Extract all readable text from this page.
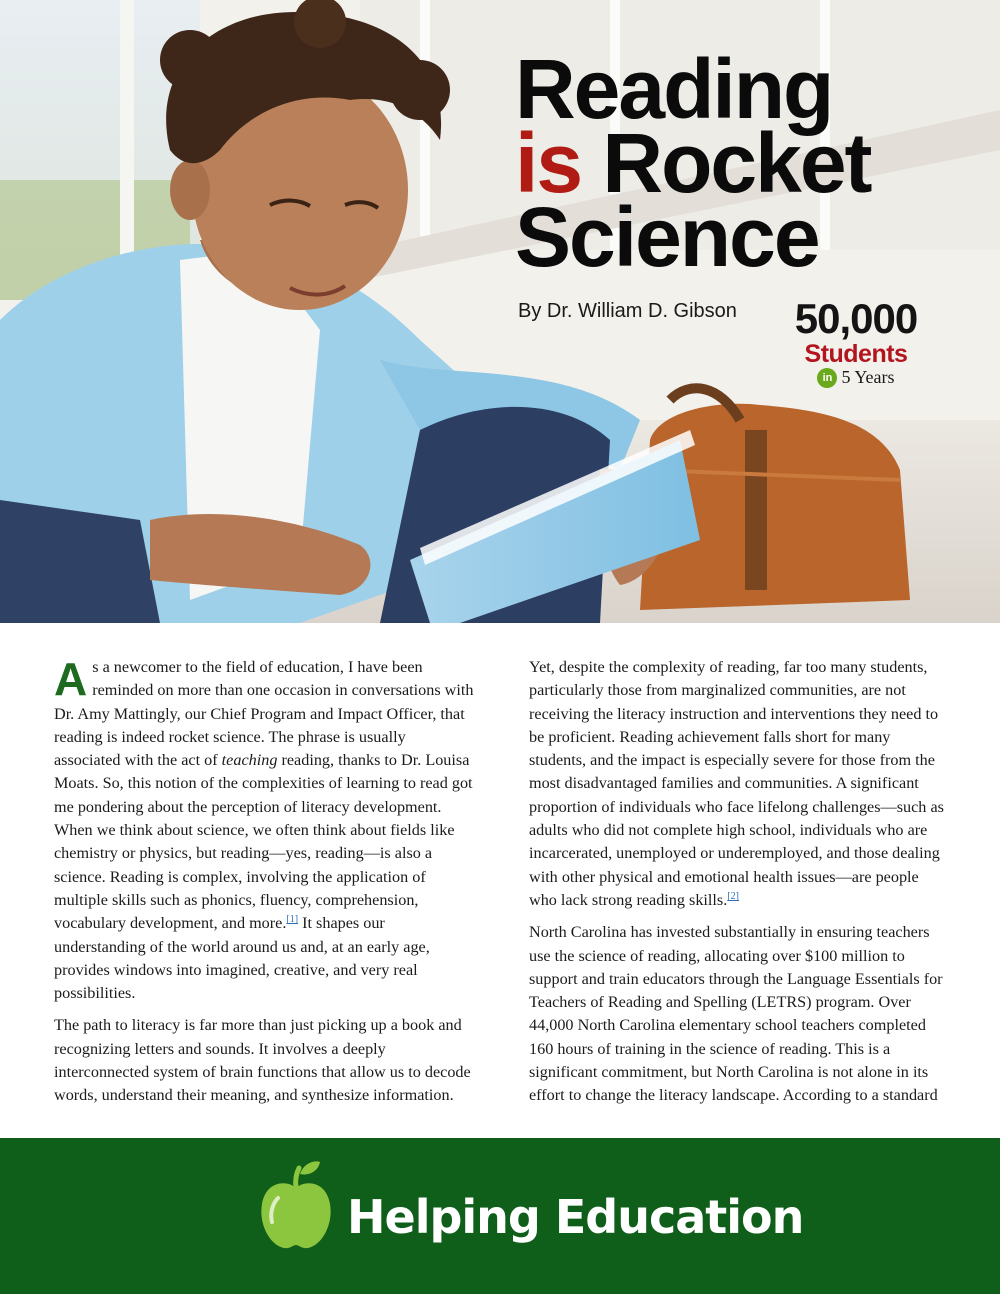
Reading
is Rocket
Science
By Dr. William D. Gibson	50,000
Students
in 5 Years

As a newcomer to the field of education, I have been reminded on more than one occasion in conversations with Dr. Amy Mattingly, our Chief Program and Impact Officer, that reading is indeed rocket science. The phrase is usually associated with the act of teaching reading, thanks to Dr. Louisa Moats. So, this notion of the complexities of learning to read got me pondering about the perception of literacy development. When we think about science, we often think about fields like chemistry or physics, but reading—yes, reading—is also a science. Reading is complex, involving the application of multiple skills such as phonics, fluency, comprehension, vocabulary development, and more.[1] It shapes our understanding of the world around us and, at an early age, provides windows into imagined, creative, and very real possibilities.

The path to literacy is far more than just picking up a book and recognizing letters and sounds. It involves a deeply interconnected system of brain functions that allow us to decode words, understand their meaning, and synthesize information.

Yet, despite the complexity of reading, far too many students, particularly those from marginalized communities, are not receiving the literacy instruction and interventions they need to be proficient. Reading achievement falls short for many students, and the impact is especially severe for those from the most disadvantaged families and communities. A significant proportion of individuals who face lifelong challenges—such as adults who did not complete high school, individuals who are incarcerated, unemployed or underemployed, and those dealing with other physical and emotional health issues—are people who lack strong reading skills.[2]

North Carolina has invested substantially in ensuring teachers use the science of reading, allocating over $100 million to support and train educators through the Language Essentials for Teachers of Reading and Spelling (LETRS) program. Over 44,000 North Carolina elementary school teachers completed 160 hours of training in the science of reading. This is a significant commitment, but North Carolina is not alone in its effort to change the literacy landscape. According to a standard

Helping Education
